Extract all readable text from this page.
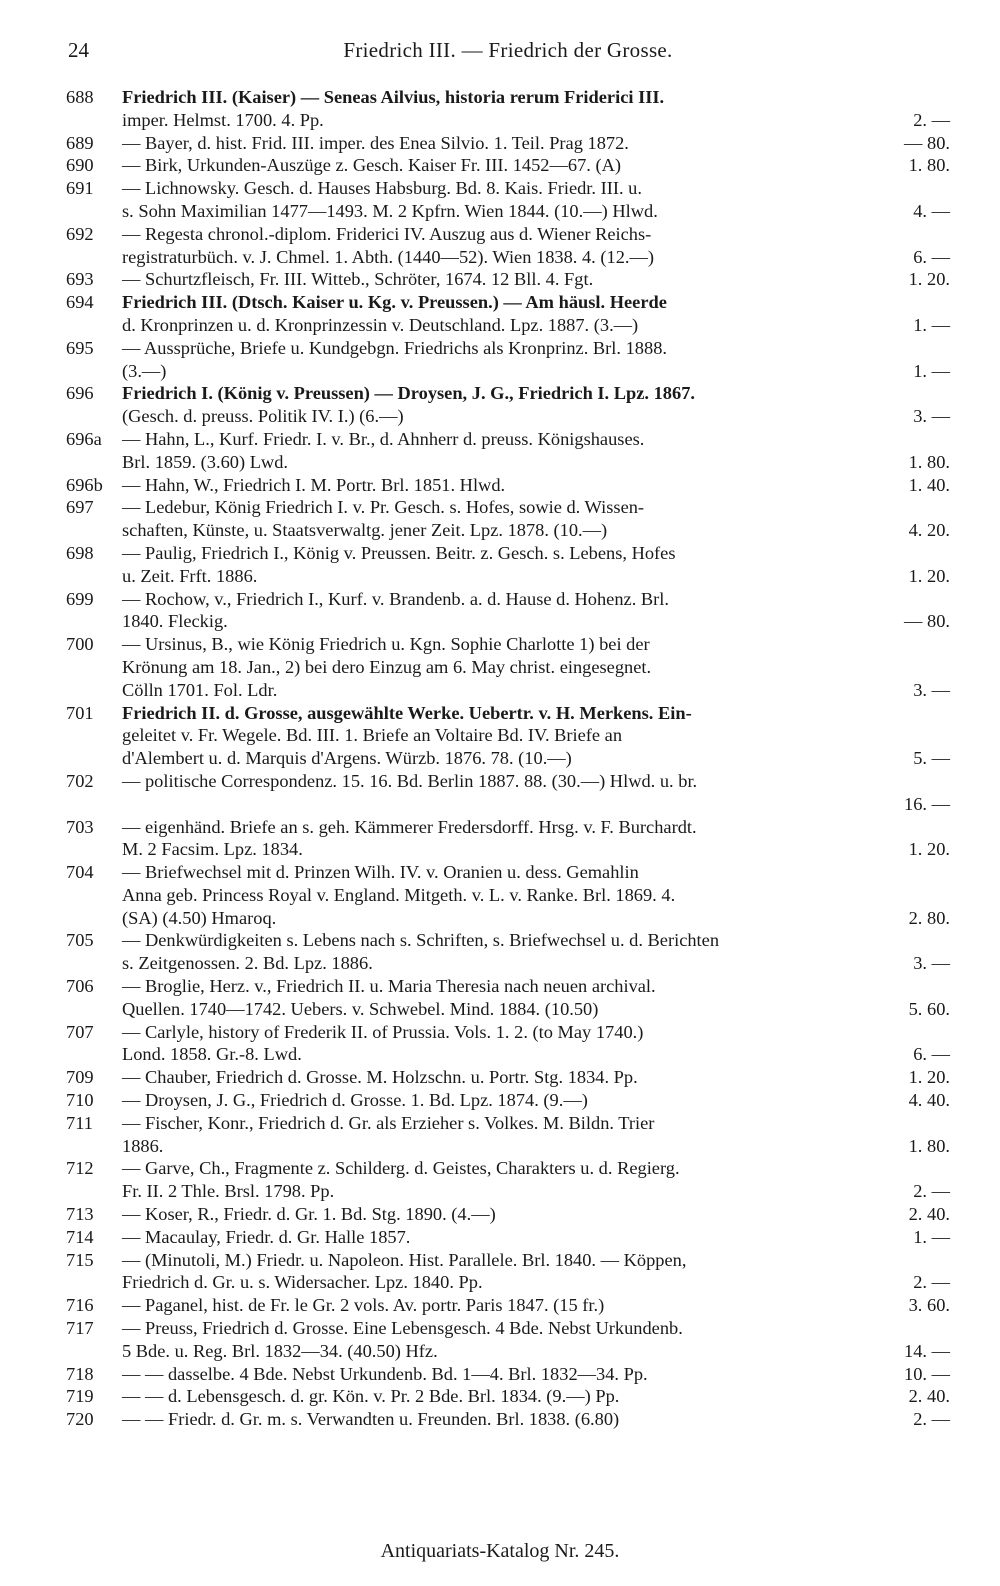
24	Friedrich III. — Friedrich der Grosse.
688 Friedrich III. (Kaiser) — Seneas Ailvius, historia rerum Friderici III.
imper. Helmst. 1700. 4. Pp.	2. —
689 — Bayer, d. hist. Frid. III. imper. des Enea Silvio. 1. Teil. Prag 1872.	— 80.
690 — Birk, Urkunden-Auszüge z. Gesch. Kaiser Fr. III. 1452—67. (A)	1. 80.
691 — Lichnowsky. Gesch. d. Hauses Habsburg. Bd. 8. Kais. Friedr. III. u.
s. Sohn Maximilian 1477—1493. M. 2 Kpfrn. Wien 1844. (10.—) Hlwd.	4. —
692 — Regesta chronol.-diplom. Friderici IV. Auszug aus d. Wiener Reichs-
registraturbüch. v. J. Chmel. 1. Abth. (1440—52). Wien 1838. 4. (12.—)	6. —
693 — Schurtzfleisch, Fr. III. Witteb., Schröter, 1674. 12 Bll. 4. Fgt.	1. 20.
694 Friedrich III. (Dtsch. Kaiser u. Kg. v. Preussen.) — Am häusl. Heerde
d. Kronprinzen u. d. Kronprinzessin v. Deutschland. Lpz. 1887. (3.—)	1. —
695 — Aussprüche, Briefe u. Kundgebgn. Friedrichs als Kronprinz. Brl. 1888.
(3.—)	1. —
696 Friedrich I. (König v. Preussen) — Droysen, J. G., Friedrich I. Lpz. 1867.
(Gesch. d. preuss. Politik IV. I.) (6.—)	3. —
696a — Hahn, L., Kurf. Friedr. I. v. Br., d. Ahnherr d. preuss. Königshauses.
Brl. 1859. (3.60) Lwd.	1. 80.
696b — Hahn, W., Friedrich I. M. Portr. Brl. 1851. Hlwd.	1. 40.
697 — Ledebur, König Friedrich I. v. Pr. Gesch. s. Hofes, sowie d. Wissen-
schaften, Künste, u. Staatsverwaltg. jener Zeit. Lpz. 1878. (10.—)	4. 20.
698 — Paulig, Friedrich I., König v. Preussen. Beitr. z. Gesch. s. Lebens, Hofes
u. Zeit. Frft. 1886.	1. 20.
699 — Rochow, v., Friedrich I., Kurf. v. Brandenb. a. d. Hause d. Hohenz. Brl.
1840. Fleckig.	— 80.
700 — Ursinus, B., wie König Friedrich u. Kgn. Sophie Charlotte 1) bei der
Krönung am 18. Jan., 2) bei dero Einzug am 6. May christ. eingesegnet.
Cölln 1701. Fol. Ldr.	3. —
701 Friedrich II. d. Grosse, ausgewählte Werke. Uebertr. v. H. Merkens. Ein-
geleitet v. Fr. Wegele. Bd. III. 1. Briefe an Voltaire Bd. IV. Briefe an
d'Alembert u. d. Marquis d'Argens. Würzb. 1876. 78. (10.—)	5. —
702 — politische Correspondenz. 15. 16. Bd. Berlin 1887. 88. (30.—) Hlwd. u. br.
16. —
703 — eigenhänd. Briefe an s. geh. Kämmerer Fredersdorff. Hrsg. v. F. Burchardt.
M. 2 Facsim. Lpz. 1834.	1. 20.
704 — Briefwechsel mit d. Prinzen Wilh. IV. v. Oranien u. dess. Gemahlin
Anna geb. Princess Royal v. England. Mitgeth. v. L. v. Ranke. Brl. 1869. 4.
(SA) (4.50) Hmaroq.	2. 80.
705 — Denkwürdigkeiten s. Lebens nach s. Schriften, s. Briefwechsel u. d. Berichten
s. Zeitgenossen. 2. Bd. Lpz. 1886.	3. —
706 — Broglie, Herz. v., Friedrich II. u. Maria Theresia nach neuen archival.
Quellen. 1740—1742. Uebers. v. Schwebel. Mind. 1884. (10.50)	5. 60.
707 — Carlyle, history of Frederik II. of Prussia. Vols. 1. 2. (to May 1740.)
Lond. 1858. Gr.-8. Lwd.	6. —
709 — Chauber, Friedrich d. Grosse. M. Holzschn. u. Portr. Stg. 1834. Pp.	1. 20.
710 — Droysen, J. G., Friedrich d. Grosse. 1. Bd. Lpz. 1874. (9.—)	4. 40.
711 — Fischer, Konr., Friedrich d. Gr. als Erzieher s. Volkes. M. Bildn. Trier
1886.	1. 80.
712 — Garve, Ch., Fragmente z. Schilderg. d. Geistes, Charakters u. d. Regierg.
Fr. II. 2 Thle. Brsl. 1798. Pp.	2. —
713 — Koser, R., Friedr. d. Gr. 1. Bd. Stg. 1890. (4.—)	2. 40.
714 — Macaulay, Friedr. d. Gr. Halle 1857.	1. —
715 — (Minutoli, M.) Friedr. u. Napoleon. Hist. Parallele. Brl. 1840. — Köppen,
Friedrich d. Gr. u. s. Widersacher. Lpz. 1840. Pp.	2. —
716 — Paganel, hist. de Fr. le Gr. 2 vols. Av. portr. Paris 1847. (15 fr.)	3. 60.
717 — Preuss, Friedrich d. Grosse. Eine Lebensgesch. 4 Bde. Nebst Urkundenb.
5 Bde. u. Reg. Brl. 1832—34. (40.50) Hfz.	14. —
718 — — dasselbe. 4 Bde. Nebst Urkundenb. Bd. 1—4. Brl. 1832—34. Pp.	10. —
719 — — d. Lebensgesch. d. gr. Kön. v. Pr. 2 Bde. Brl. 1834. (9.—) Pp.	2. 40.
720 — — Friedr. d. Gr. m. s. Verwandten u. Freunden. Brl. 1838. (6.80)	2. —
Antiquariats-Katalog Nr. 245.
